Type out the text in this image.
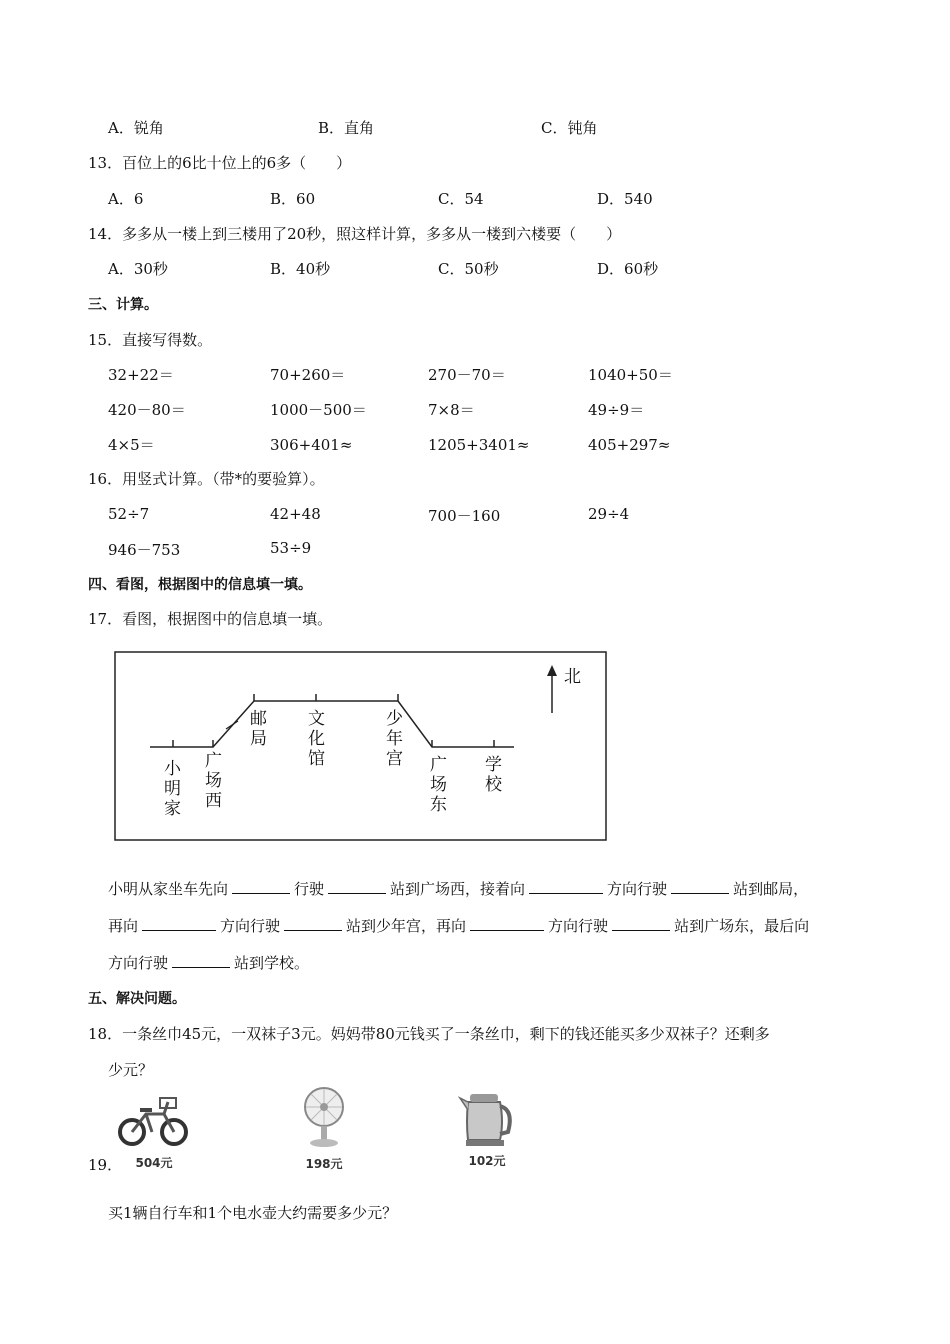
A．锐角	B．直角	C．钝角
13．百位上的6比十位上的6多（　　）
A．6	B．60	C．54	D．540
14．多多从一楼上到三楼用了20秒，照这样计算，多多从一楼到六楼要（　　）
A．30秒	B．40秒	C．50秒	D．60秒
三、计算。
15．直接写得数。
32+22＝	70+260＝	270－70＝	1040+50＝
420－80＝	1000－500＝	7×8＝	49÷9＝
4×5＝	306+401≈	1205+3401≈	405+297≈
16．用竖式计算。（带*的要验算）。
52÷7	42+48	700－160	29÷4
946－753	53÷9
四、看图，根据图中的信息填一填。
17．看图，根据图中的信息填一填。
北
小明家
广场西
邮局
文化馆
少年宫 广场东
学校
小明从家坐车先向	行驶	站到广场西，接着向	方向行驶	站到邮局，
再向	方向行驶	站到少年宫，再向	方向行驶	站到广场东，最后向
方向行驶	站到学校。
五、解决问题。
18．一条丝巾45元，一双袜子3元。妈妈带80元钱买了一条丝巾，剩下的钱还能买多少双袜子？还剩多
少元？
504元	198元	102元
19．
买1辆自行车和1个电水壶大约需要多少元？
